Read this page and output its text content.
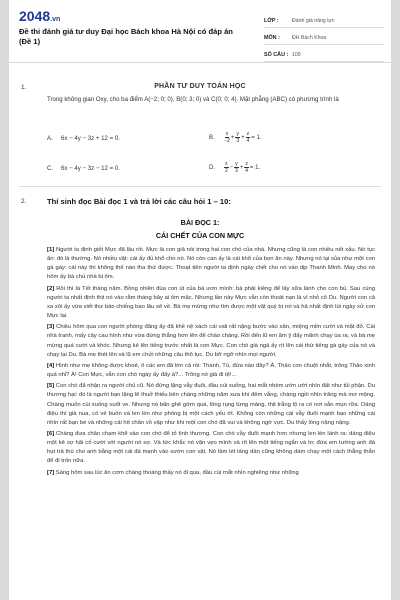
2048.vn
Đề thi đánh giá tư duy Đại học Bách khoa Hà Nội có đáp án (Đề 1)
LỚP :	Đánh giá năng lực
MÔN :	ĐH Bách Khoa
SỐ CÂU : 109
1.	PHẦN TƯ DUY TOÁN HỌC
Trong không gian Oxy, cho ba điểm A(−2; 0; 0), B(0; 3; 0) và C(0; 0; 4). Mặt phẳng (ABC) có phương trình là
A.	6x − 4y − 3z + 12 = 0.	B.	$\frac{x}{-2} + \frac{y}{3} + \frac{z}{4} = 1$.
C.	6x − 4y − 3z − 12 = 0.	D.	$\frac{x}{2} - \frac{y}{3} + \frac{z}{4} = 1$.
2.	Thí sinh đọc Bài đọc 1 và trả lời các câu hỏi 1 – 10:
BÀI ĐỌC 1:
CÁI CHẾT CỦA CON MỰC

[1] Người ta định giết Mực đã lâu rồi. Mực là con giả nòi trong hai con chó của nhà. Nhưng cũng là con nhiều nết xấu. Nó tục ăn: đó là thường. Nó nhiều vặt: cái ấy đủ khổ cho nó. Nó còn can ấy là cái khổ của bọn ăn này. Nhưng nó lại sủa như một con gà gáy: cái này thì không thể nào tha thứ được. Thoạt tiên người ta định ngày chết cho nó vào dịp Thanh Minh. May cho nó hôm ấy bà chủ nhà bị ốm.

[2] Rồi thì là Tết tháng năm. Bồng nhiên đúa con út của bà ươn mình: bà phải kiêng để lấy sữa lành cho con bú. Sau cùng người ta nhất định thịt nó vào rằm tháng bảy ai ốm mặc. Nhưng lần này Mực vẫn còn thoát nạn là vì nhỏ cô Du. Người con cả xa xôi ấy vừa viết thư báo chiếng bao lâu sẽ về. Bà mẹ mừng như tìm được một vật quý bị rơi và hả nhất định lùi ngày xử con Mực lại.

[3] Chiều hôm qua con người phóng đãng ấy đã khề nệ xách cái vali rất nặng bước vào sân, miệng mỉm cười và mặt đỏ. Cái nhà tranh, mấy cây cau hình như vừa đứng thẳng hơn lên để chào chàng. Rồi đến lũ em âm ỹ đấy mãnh chạy ùa ra, và bà mẹ mừng quá cười và khóc. Nhưng kẻ lên tiếng trước nhất là con Mực. Con chó già ngả ấy rít lên cái thứ tiếng gà gáy của nó và chạy lại Du. Bà mẹ thét lên và lũ em chửi những câu thô tục. Du bỡ ngỡ nhìn mọi người.

[4] Hình như mẹ không được khoẻ, ô các em đã lớn cả rồi: Thanh, Tú, đứa nào đây? À, Thảo con chuột nhắt, trông Thảo xinh quá nhỉ? À! Con Mực, vẫn con chó ngày ấy đấy à?... Trông nó già đi tệ!...

[5] Con chó đã nhận ra người chủ cũ. Nó đứng lặng vẫy đuôi, đầu cúi xuống, hai mắt nhèm ướn ướt nhìn đất như tủi phận. Du thương hại: đó là người bạn lặng lẽ thuở thiếu bên chàng những năm xưa khi đêm vắng, chàng ngồi nhìn trăng mà mơ mộng. Chàng muốn cúi xuống vuốt ve. Nhưng nó bẩn ghê gớm quá, lông rụng từng mảng, thịt trắng lộ ra có nơi sẵn mụn rữa. Dáng điệu thì già nua, có vẻ buồn và len lén như phòng bị một cách yếu ớt. Không còn những cái vẫy đuôi mạnh bạo những cái nhìn rất bạn bè và những cái hít chân vồ vập như khi một con chó đã vui và không ngờ vực. Du thấy lòng nặng nặng.

[6] Chàng đưa chân chạm khẽ vào con chó để tỏ tình thương. Con chó vẫy đuôi mạnh hơn nhưng len lén lánh ra: dáng điệu một kẻ sợ hãi cố cười với người nó sợ. Và tức khắc nó vặn vẹo mình và rít lên một tiếng ngắn và to; đứa em tường anh đá hụt trả thù cho anh bằng một cái đá mạnh vào sườn con vật. Nó lảm lét lảng dần cũng không dám chạy một cách thẳng thắn để đi trốn nữa.

[7] Sáng hôm sau lúc ăn cơm chàng thoáng thấy nó đi qua, đầu cúi mắt nhìn nghiêng như những
